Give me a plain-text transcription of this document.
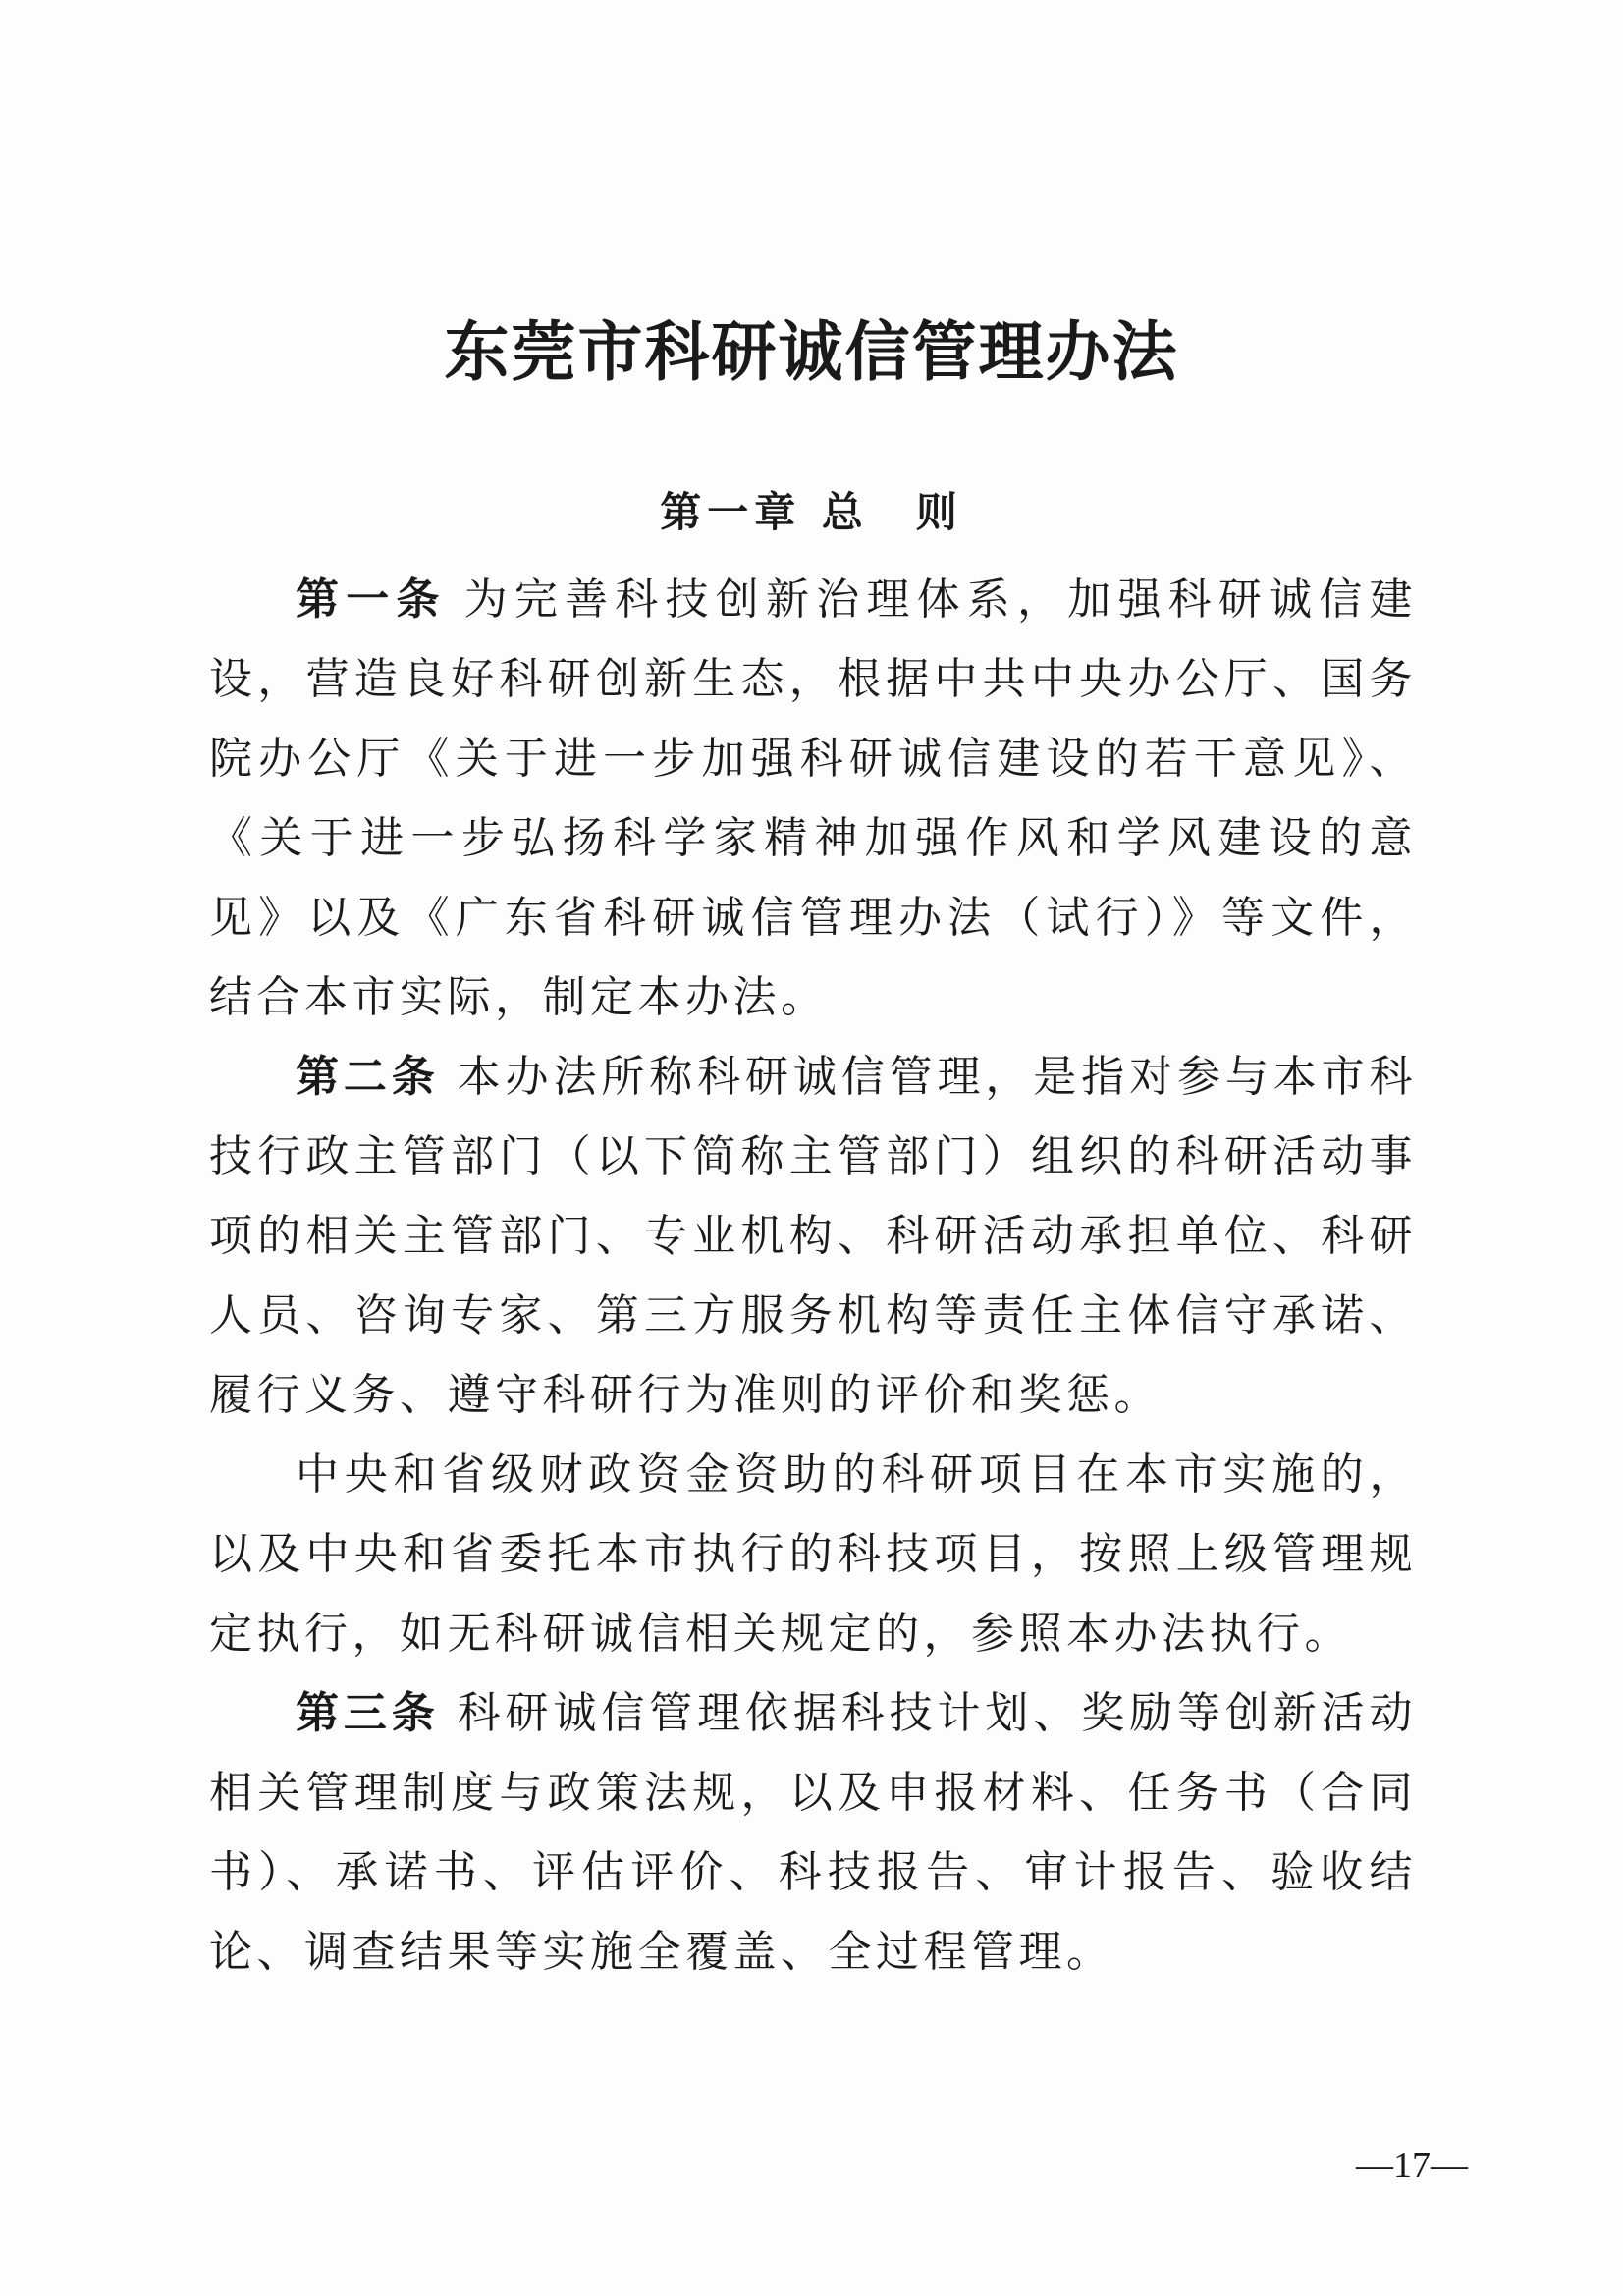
东莞市科研诚信管理办法
第一章 总　则

第一条 为完善科技创新治理体系，加强科研诚信建设，营造良好科研创新生态，根据中共中央办公厅、国务院办公厅《关于进一步加强科研诚信建设的若干意见》、《关于进一步弘扬科学家精神加强作风和学风建设的意见》以及《广东省科研诚信管理办法（试行）》等文件，结合本市实际，制定本办法。

第二条 本办法所称科研诚信管理，是指对参与本市科技行政主管部门（以下简称主管部门）组织的科研活动事项的相关主管部门、专业机构、科研活动承担单位、科研人员、咨询专家、第三方服务机构等责任主体信守承诺、履行义务、遵守科研行为准则的评价和奖惩。

中央和省级财政资金资助的科研项目在本市实施的，以及中央和省委托本市执行的科技项目，按照上级管理规定执行，如无科研诚信相关规定的，参照本办法执行。

第三条 科研诚信管理依据科技计划、奖励等创新活动相关管理制度与政策法规，以及申报材料、任务书（合同书）、承诺书、评估评价、科技报告、审计报告、验收结论、调查结果等实施全覆盖、全过程管理。

—17—
